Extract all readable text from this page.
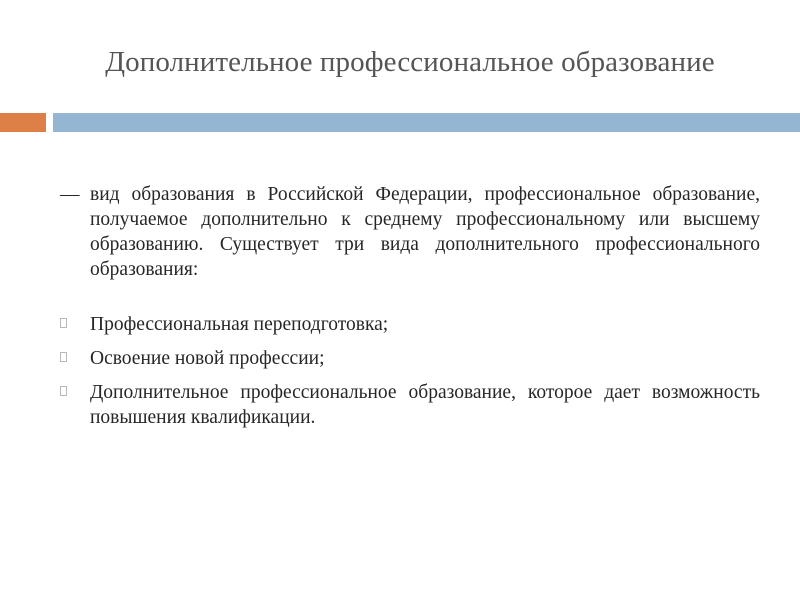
Дополнительное профессиональное образование

— вид образования в Российской Федерации, профессиональное образование, получаемое дополнительно к среднему профессиональному или высшему образованию. Существует три вида дополнительного профессионального образования:

Профессиональная переподготовка;
Освоение новой профессии;
Дополнительное профессиональное образование, которое дает возможность повышения квалификации.
